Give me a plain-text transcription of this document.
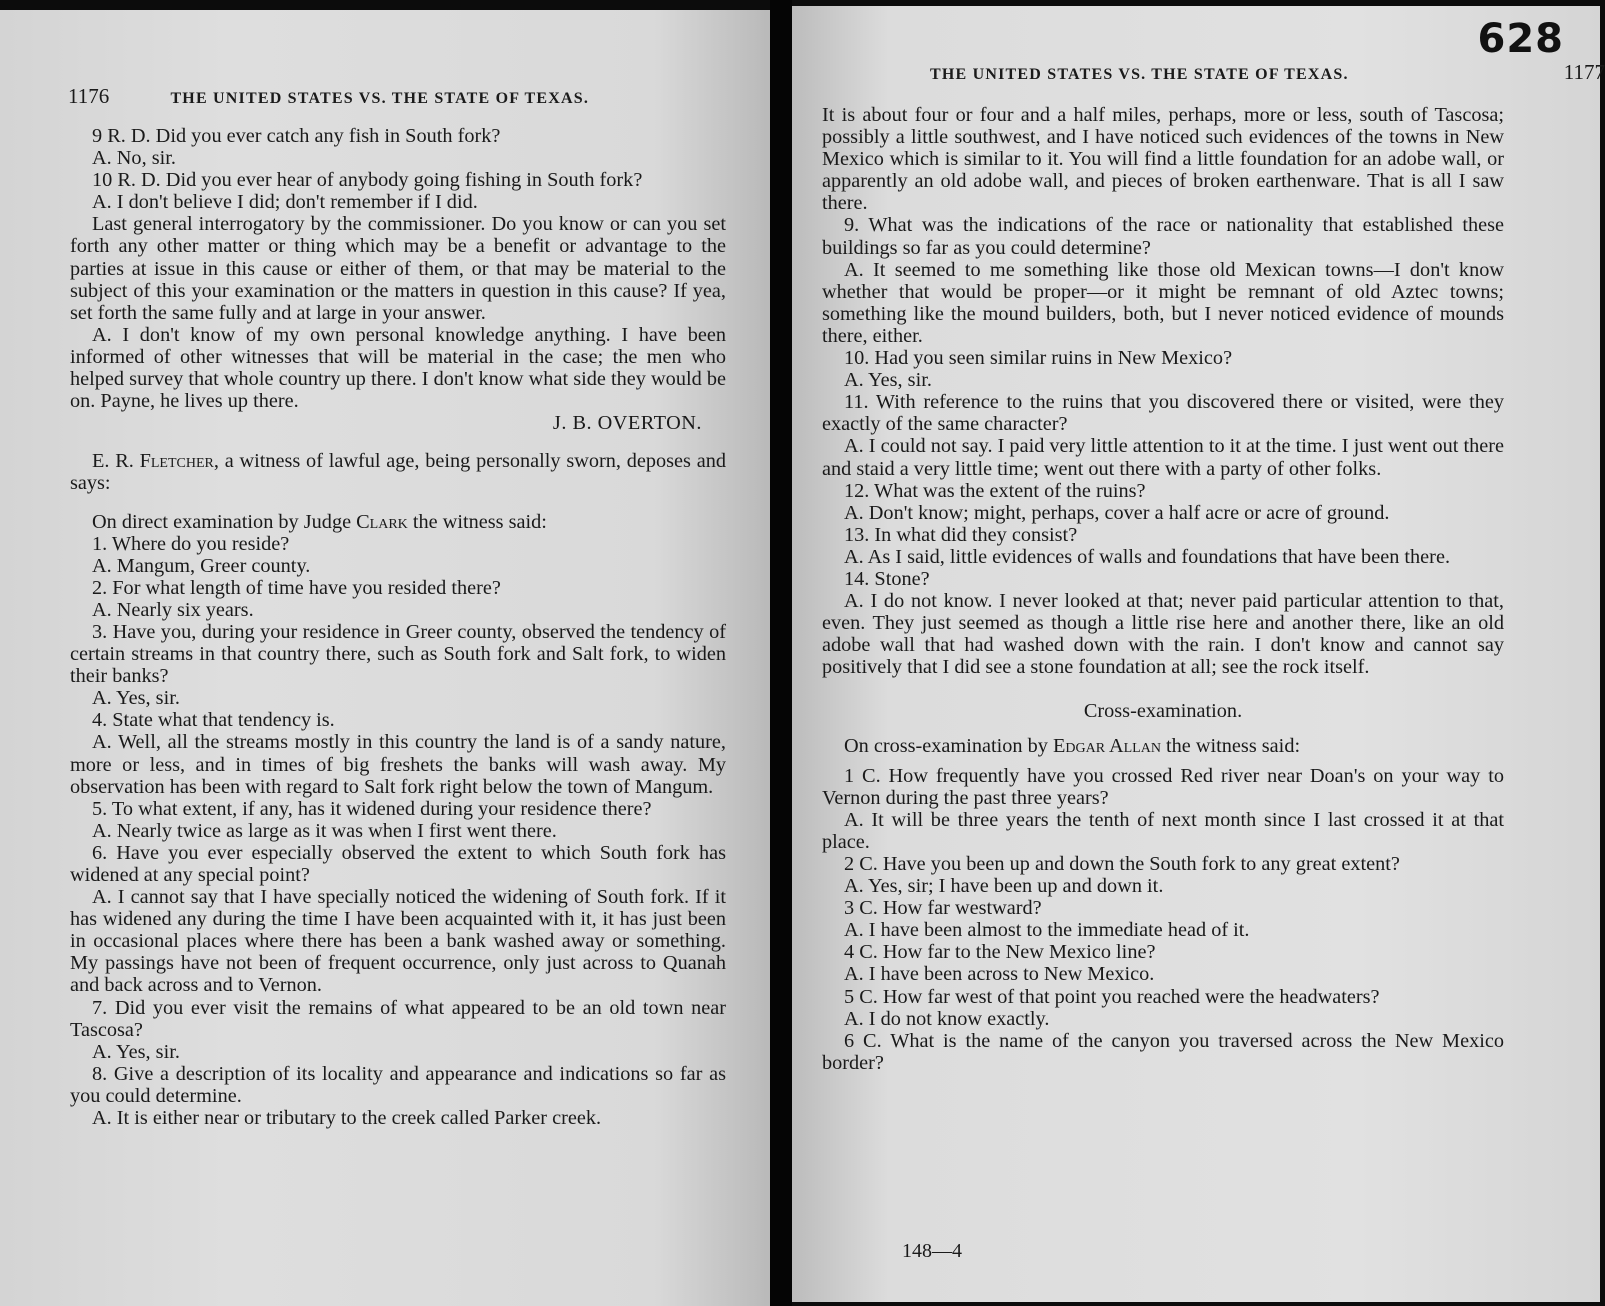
1176	THE UNITED STATES VS. THE STATE OF TEXAS.

9 R. D. Did you ever catch any fish in South fork?

A. No, sir.

10 R. D. Did you ever hear of anybody going fishing in South fork?

A. I don't believe I did; don't remember if I did.

Last general interrogatory by the commissioner. Do you know or can you set forth any other matter or thing which may be a benefit or advantage to the parties at issue in this cause or either of them, or that may be material to the subject of this your examination or the matters in question in this cause? If yea, set forth the same fully and at large in your answer.

A. I don't know of my own personal knowledge anything. I have been informed of other witnesses that will be material in the case; the men who helped survey that whole country up there. I don't know what side they would be on. Payne, he lives up there.

J. B. OVERTON.

E. R. Fletcher, a witness of lawful age, being personally sworn, deposes and says:

On direct examination by Judge Clark the witness said:

1. Where do you reside?

A. Mangum, Greer county.

2. For what length of time have you resided there?

A. Nearly six years.

3. Have you, during your residence in Greer county, observed the tendency of certain streams in that country there, such as South fork and Salt fork, to widen their banks?

A. Yes, sir.

4. State what that tendency is.

A. Well, all the streams mostly in this country the land is of a sandy nature, more or less, and in times of big freshets the banks will wash away. My observation has been with regard to Salt fork right below the town of Mangum.

5. To what extent, if any, has it widened during your residence there?

A. Nearly twice as large as it was when I first went there.

6. Have you ever especially observed the extent to which South fork has widened at any special point?

A. I cannot say that I have specially noticed the widening of South fork. If it has widened any during the time I have been acquainted with it, it has just been in occasional places where there has been a bank washed away or something. My passings have not been of frequent occurrence, only just across to Quanah and back across and to Vernon.

7. Did you ever visit the remains of what appeared to be an old town near Tascosa?

A. Yes, sir.

8. Give a description of its locality and appearance and indications so far as you could determine.

A. It is either near or tributary to the creek called Parker creek.

628
THE UNITED STATES VS. THE STATE OF TEXAS.	1177

It is about four or four and a half miles, perhaps, more or less, south of Tascosa; possibly a little southwest, and I have noticed such evidences of the towns in New Mexico which is similar to it. You will find a little foundation for an adobe wall, or apparently an old adobe wall, and pieces of broken earthenware. That is all I saw there.

9. What was the indications of the race or nationality that established these buildings so far as you could determine?

A. It seemed to me something like those old Mexican towns—I don't know whether that would be proper—or it might be remnant of old Aztec towns; something like the mound builders, both, but I never noticed evidence of mounds there, either.

10. Had you seen similar ruins in New Mexico?

A. Yes, sir.

11. With reference to the ruins that you discovered there or visited, were they exactly of the same character?

A. I could not say. I paid very little attention to it at the time. I just went out there and staid a very little time; went out there with a party of other folks.

12. What was the extent of the ruins?

A. Don't know; might, perhaps, cover a half acre or acre of ground.

13. In what did they consist?

A. As I said, little evidences of walls and foundations that have been there.

14. Stone?

A. I do not know. I never looked at that; never paid particular attention to that, even. They just seemed as though a little rise here and another there, like an old adobe wall that had washed down with the rain. I don't know and cannot say positively that I did see a stone foundation at all; see the rock itself.

Cross-examination.

On cross-examination by Edgar Allan the witness said:

1 C. How frequently have you crossed Red river near Doan's on your way to Vernon during the past three years?

A. It will be three years the tenth of next month since I last crossed it at that place.

2 C. Have you been up and down the South fork to any great extent?

A. Yes, sir; I have been up and down it.

3 C. How far westward?

A. I have been almost to the immediate head of it.

4 C. How far to the New Mexico line?

A. I have been across to New Mexico.

5 C. How far west of that point you reached were the headwaters?

A. I do not know exactly.

6 C. What is the name of the canyon you traversed across the New Mexico border?

148—4
